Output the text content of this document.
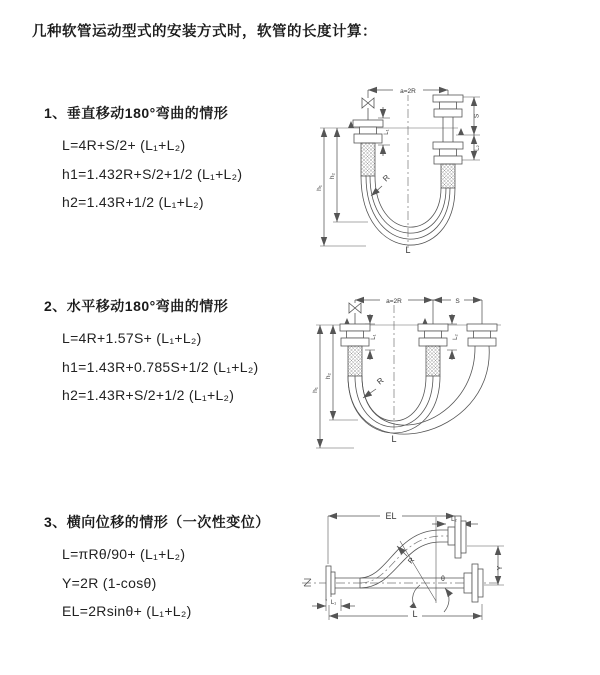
几种软管运动型式的安装方式时，软管的长度计算：
1、垂直移动180°弯曲的情形
L=4R+S/2+ (L₁+L₂)
h1=1.432R+S/2+1/2 (L₁+L₂)
h2=1.43R+1/2 (L₁+L₂)
2、水平移动180°弯曲的情形
L=4R+1.57S+ (L₁+L₂)
h1=1.43R+0.785S+1/2 (L₁+L₂)
h2=1.43R+S/2+1/2 (L₁+L₂)
3、横向位移的情形（一次性变位）
L=πRθ/90+ (L₁+L₂)
Y=2R (1-cosθ)
EL=2Rsinθ+ (L₁+L₂)
a=2R
h₁
h₂
L₁
S
L₂
R
L
a=2R	S
h₁
h₂
L₁	L₂
R
L
EL	L₂
Y
R
θ
L
L₁
